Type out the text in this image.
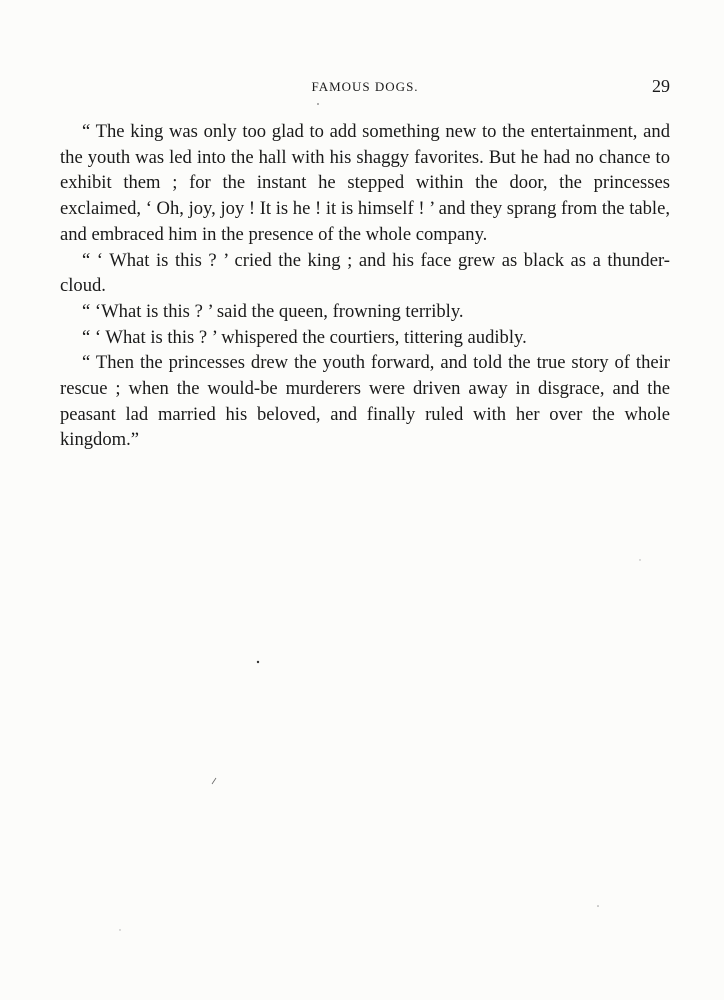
FAMOUS DOGS.	29

“ The king was only too glad to add something new to the entertainment, and the youth was led into the hall with his shaggy favorites. But he had no chance to exhibit them ; for the instant he stepped within the door, the princesses exclaimed, ‘ Oh, joy, joy ! It is he ! it is himself ! ’ and they sprang from the table, and embraced him in the presence of the whole company.

“ ‘ What is this ? ’ cried the king ; and his face grew as black as a thunder-cloud.

“ ‘What is this ? ’ said the queen, frowning terribly.

“ ‘ What is this ? ’ whispered the courtiers, tittering audibly.

“ Then the princesses drew the youth forward, and told the true story of their rescue ; when the would-be murderers were driven away in disgrace, and the peasant lad married his beloved, and finally ruled with her over the whole kingdom.”
